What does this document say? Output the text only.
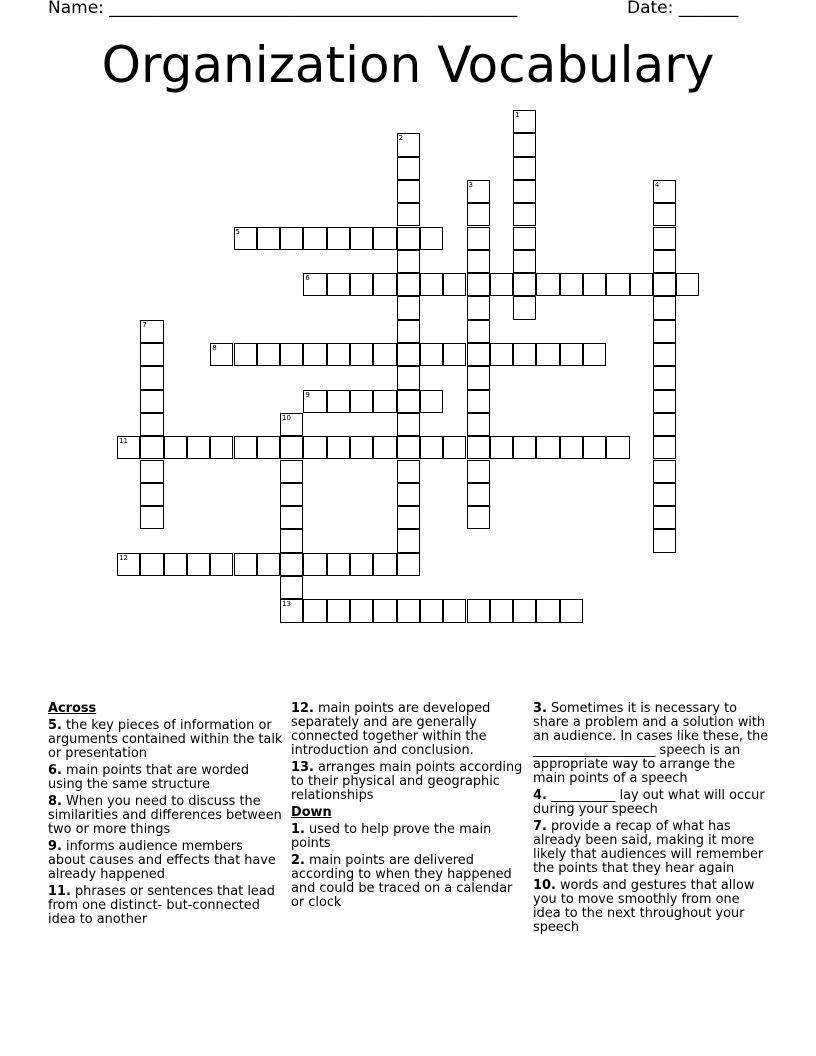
Name: ________________________________________________	Date: _______
Organization Vocabulary
1
2
3	4
5
6
7
8
9
10
11
12
13
Across
5. the key pieces of information or arguments contained within the talk or presentation
6. main points that are worded using the same structure
8. When you need to discuss the similarities and differences between two or more things
9. informs audience members about causes and effects that have already happened
11. phrases or sentences that lead from one distinct- but-connected idea to another
12. main points are developed separately and are generally connected together within the introduction and conclusion.
13. arranges main points according to their physical and geographic relationships
Down
1. used to help prove the main points
2. main points are delivered according to when they happened and could be traced on a calendar or clock
3. Sometimes it is necessary to share a problem and a solution with an audience. In cases like these, the ___________________ speech is an appropriate way to arrange the main points of a speech
4. __________ lay out what will occur during your speech
7. provide a recap of what has already been said, making it more likely that audiences will remember the points that they hear again
10. words and gestures that allow you to move smoothly from one idea to the next throughout your speech
